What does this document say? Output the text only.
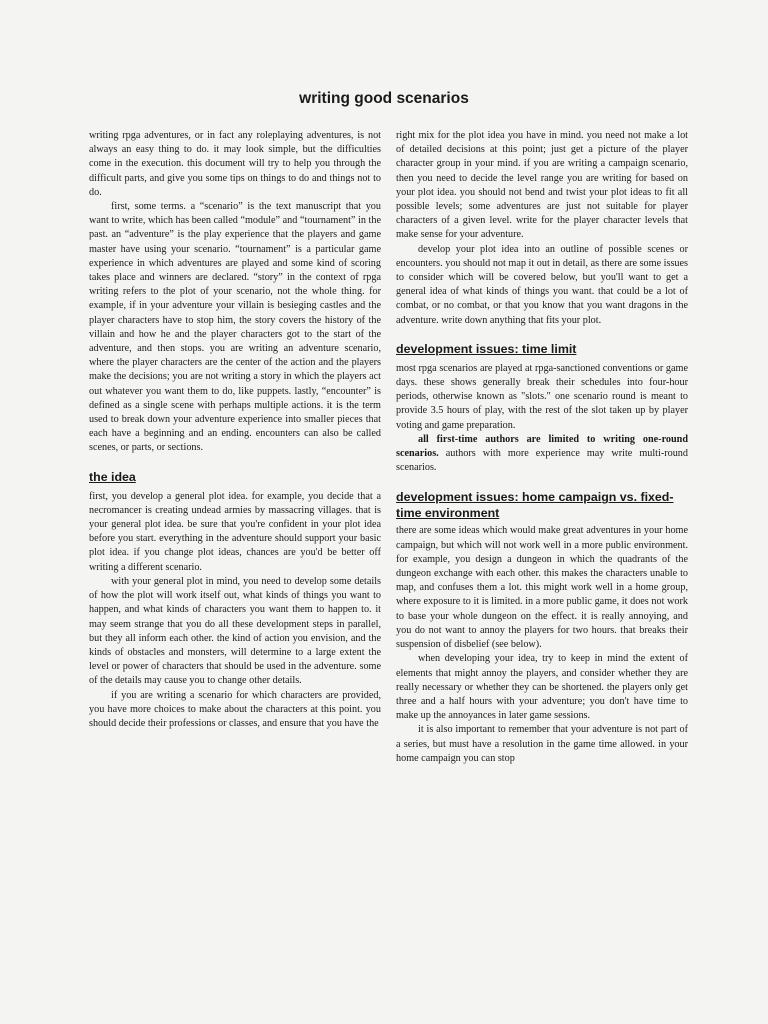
writing good scenarios

writing rpga adventures, or in fact any roleplaying adventures, is not always an easy thing to do. it may look simple, but the difficulties come in the execution. this document will try to help you through the difficult parts, and give you some tips on things to do and things not to do.

first, some terms. a “scenario” is the text manuscript that you want to write, which has been called “module” and “tournament” in the past. an “adventure” is the play experience that the players and game master have using your scenario. “tournament” is a particular game experience in which adventures are played and some kind of scoring takes place and winners are declared. “story” in the context of rpga writing refers to the plot of your scenario, not the whole thing. for example, if in your adventure your villain is besieging castles and the player characters have to stop him, the story covers the history of the villain and how he and the player characters got to the start of the adventure, and then stops. you are writing an adventure scenario, where the player characters are the center of the action and the players make the decisions; you are not writing a story in which the players act out whatever you want them to do, like puppets. lastly, “encounter” is defined as a single scene with perhaps multiple actions. it is the term used to break down your adventure experience into smaller pieces that each have a beginning and an ending. encounters can also be called scenes, or parts, or sections.

the idea

first, you develop a general plot idea. for example, you decide that a necromancer is creating undead armies by massacring villages. that is your general plot idea. be sure that you're confident in your plot idea before you start. everything in the adventure should support your basic plot idea. if you change plot ideas, chances are you'd be better off writing a different scenario.

with your general plot in mind, you need to develop some details of how the plot will work itself out, what kinds of things you want to happen, and what kinds of characters you want them to happen to. it may seem strange that you do all these development steps in parallel, but they all inform each other. the kind of action you envision, and the kinds of obstacles and monsters, will determine to a large extent the level or power of characters that should be used in the adventure. some of the details may cause you to change other details.

if you are writing a scenario for which characters are provided, you have more choices to make about the characters at this point. you should decide their professions or classes, and ensure that you have the

right mix for the plot idea you have in mind. you need not make a lot of detailed decisions at this point; just get a picture of the player character group in your mind. if you are writing a campaign scenario, then you need to decide the level range you are writing for based on your plot idea. you should not bend and twist your plot ideas to fit all possible levels; some adventures are just not suitable for player characters of a given level. write for the player character levels that make sense for your adventure.

develop your plot idea into an outline of possible scenes or encounters. you should not map it out in detail, as there are some issues to consider which will be covered below, but you'll want to get a general idea of what kinds of things you want. that could be a lot of combat, or no combat, or that you know that you want dragons in the adventure. write down anything that fits your plot.

development issues: time limit

most rpga scenarios are played at rpga-sanctioned conventions or game days. these shows generally break their schedules into four-hour periods, otherwise known as "slots." one scenario round is meant to provide 3.5 hours of play, with the rest of the slot taken up by player voting and game preparation.

all first-time authors are limited to writing one-round scenarios. authors with more experience may write multi-round scenarios.

development issues: home campaign vs. fixed-time environment

there are some ideas which would make great adventures in your home campaign, but which will not work well in a more public environment. for example, you design a dungeon in which the quadrants of the dungeon exchange with each other. this makes the characters unable to map, and confuses them a lot. this might work well in a home group, where exposure to it is limited. in a more public game, it does not work to base your whole dungeon on the effect. it is really annoying, and you do not want to annoy the players for two hours. that breaks their suspension of disbelief (see below).

when developing your idea, try to keep in mind the extent of elements that might annoy the players, and consider whether they are really necessary or whether they can be shortened. the players only get three and a half hours with your adventure; you don't have time to make up the annoyances in later game sessions.

it is also important to remember that your adventure is not part of a series, but must have a resolution in the game time allowed. in your home campaign you can stop
